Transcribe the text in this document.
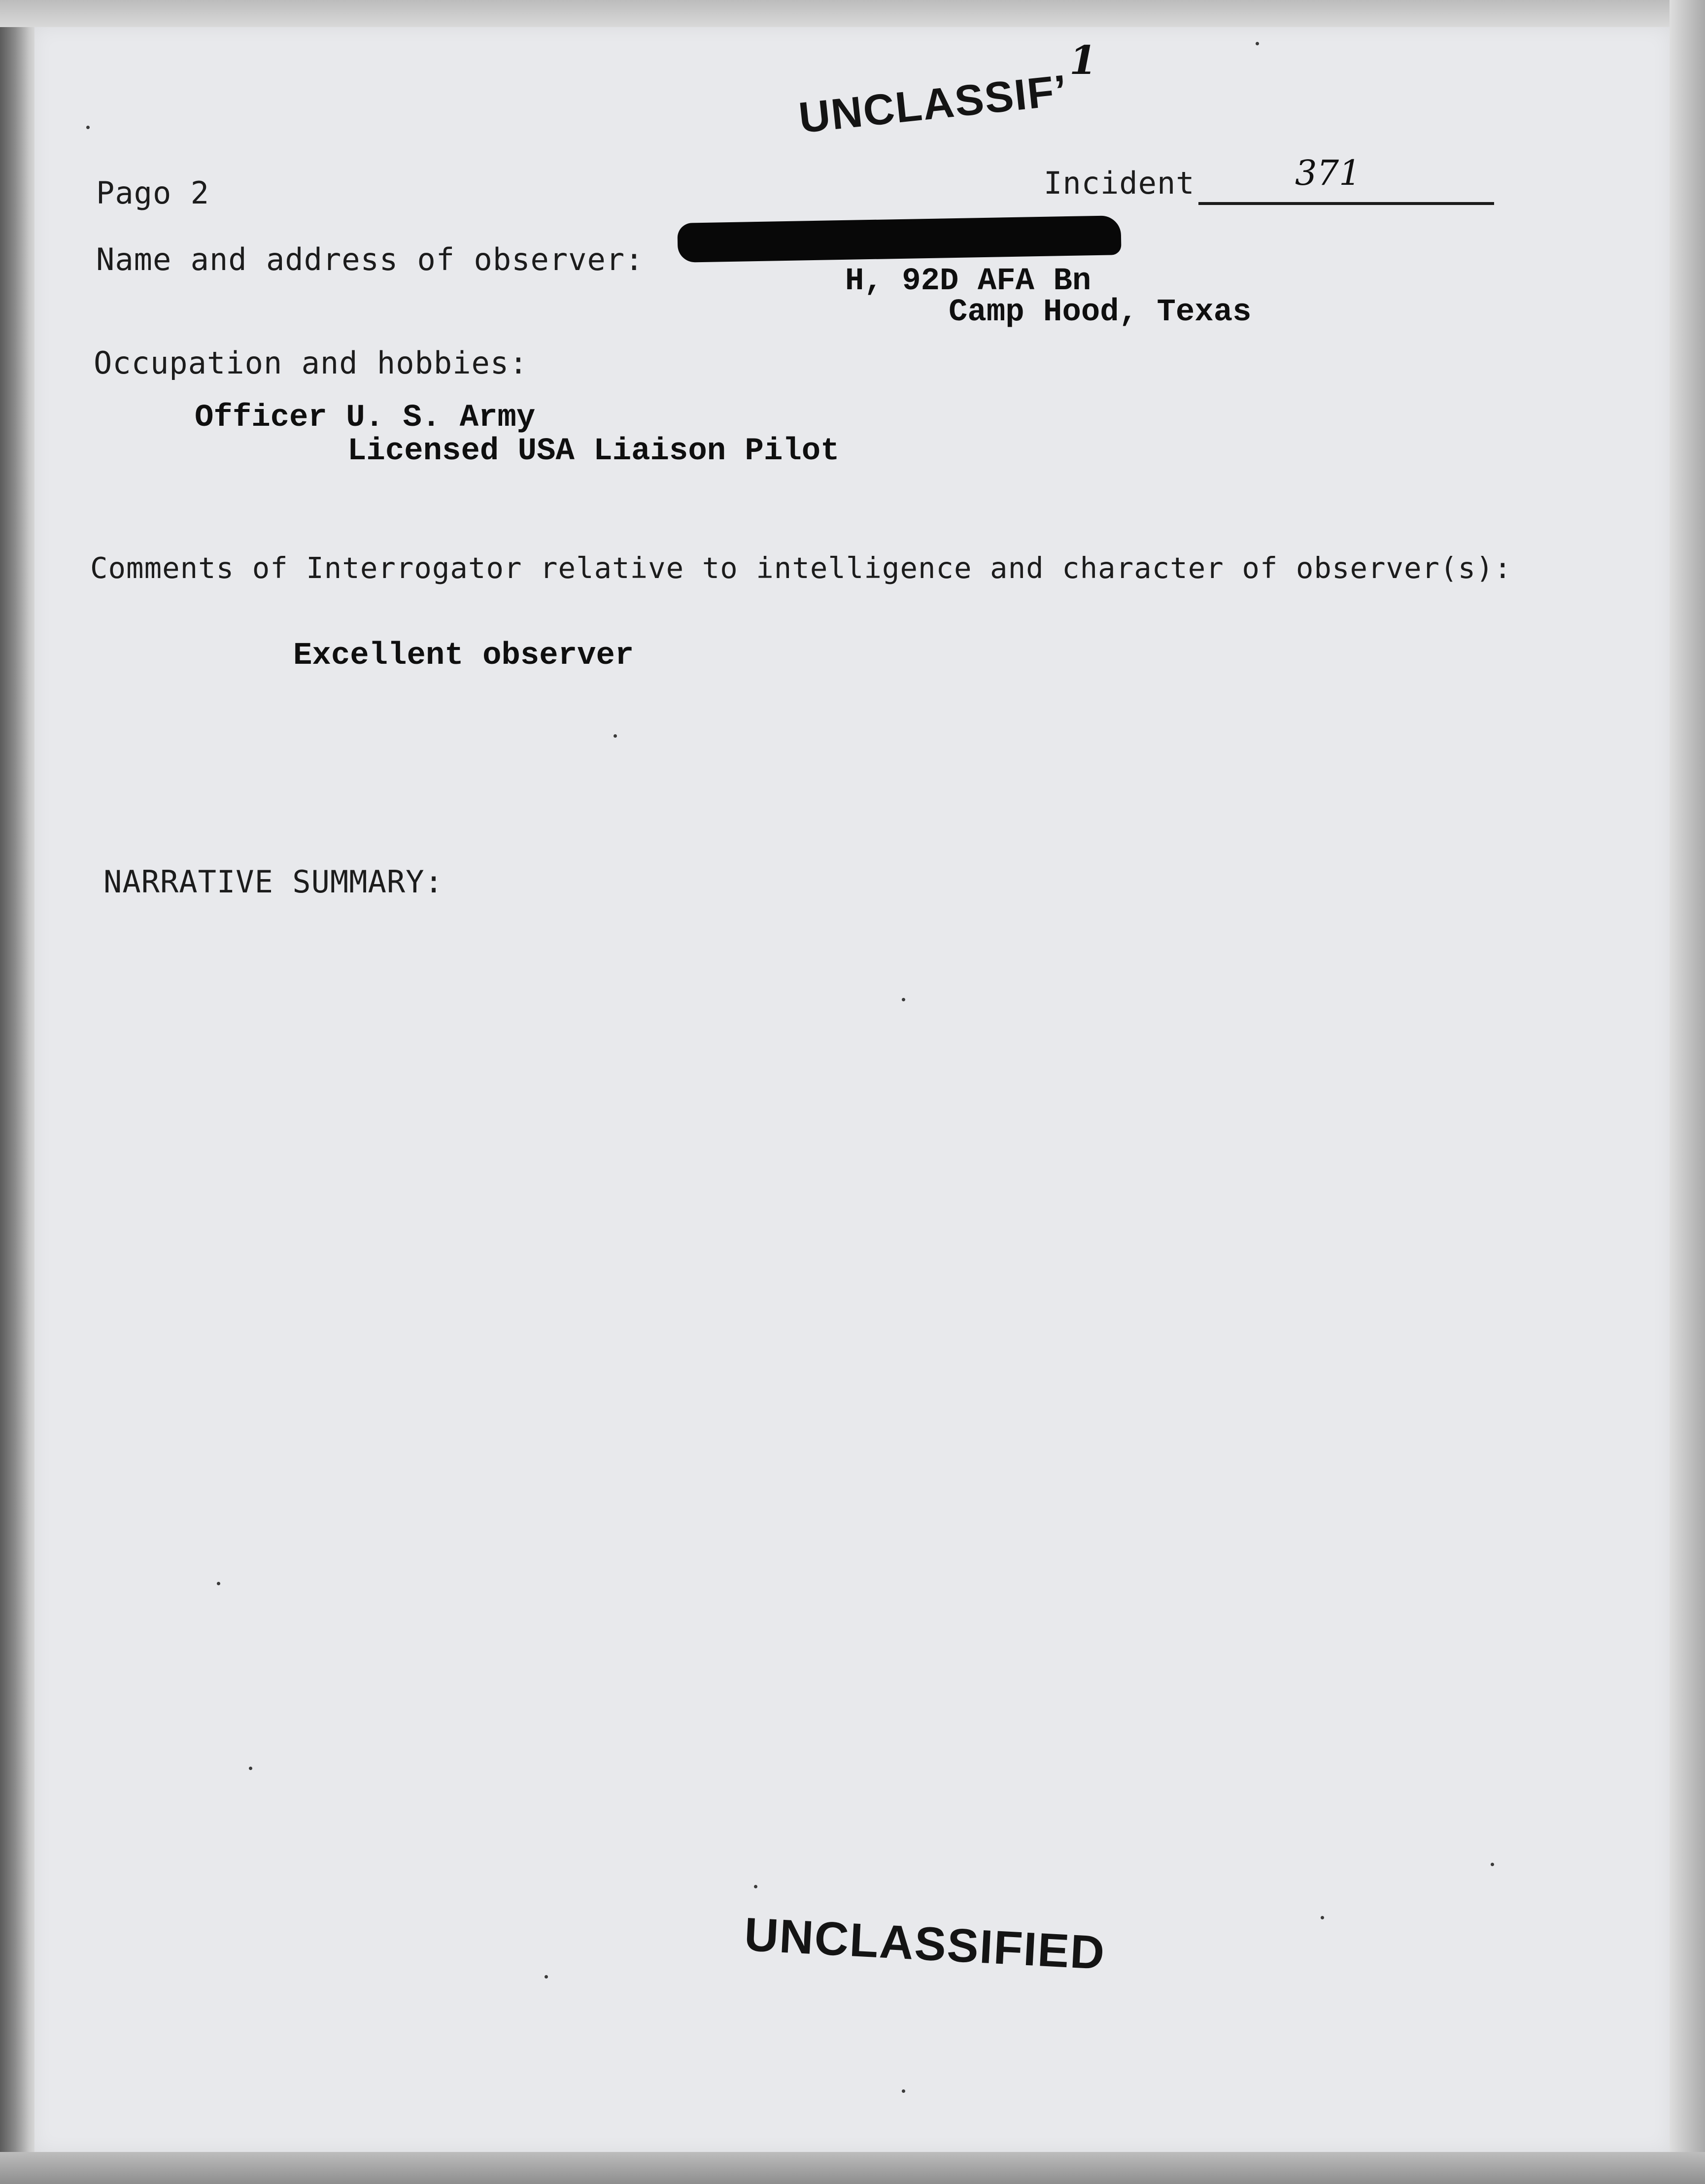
UNCLASSIF’
1
Pago 2	Incident	371
Name and address of observer:
H, 92D AFA Bn
Camp Hood, Texas
Occupation and hobbies:
Officer U. S. Army
Licensed USA Liaison Pilot
Comments of Interrogator relative to intelligence and character of observer(s):
Excellent observer
NARRATIVE SUMMARY:
UNCLASSIFIED
